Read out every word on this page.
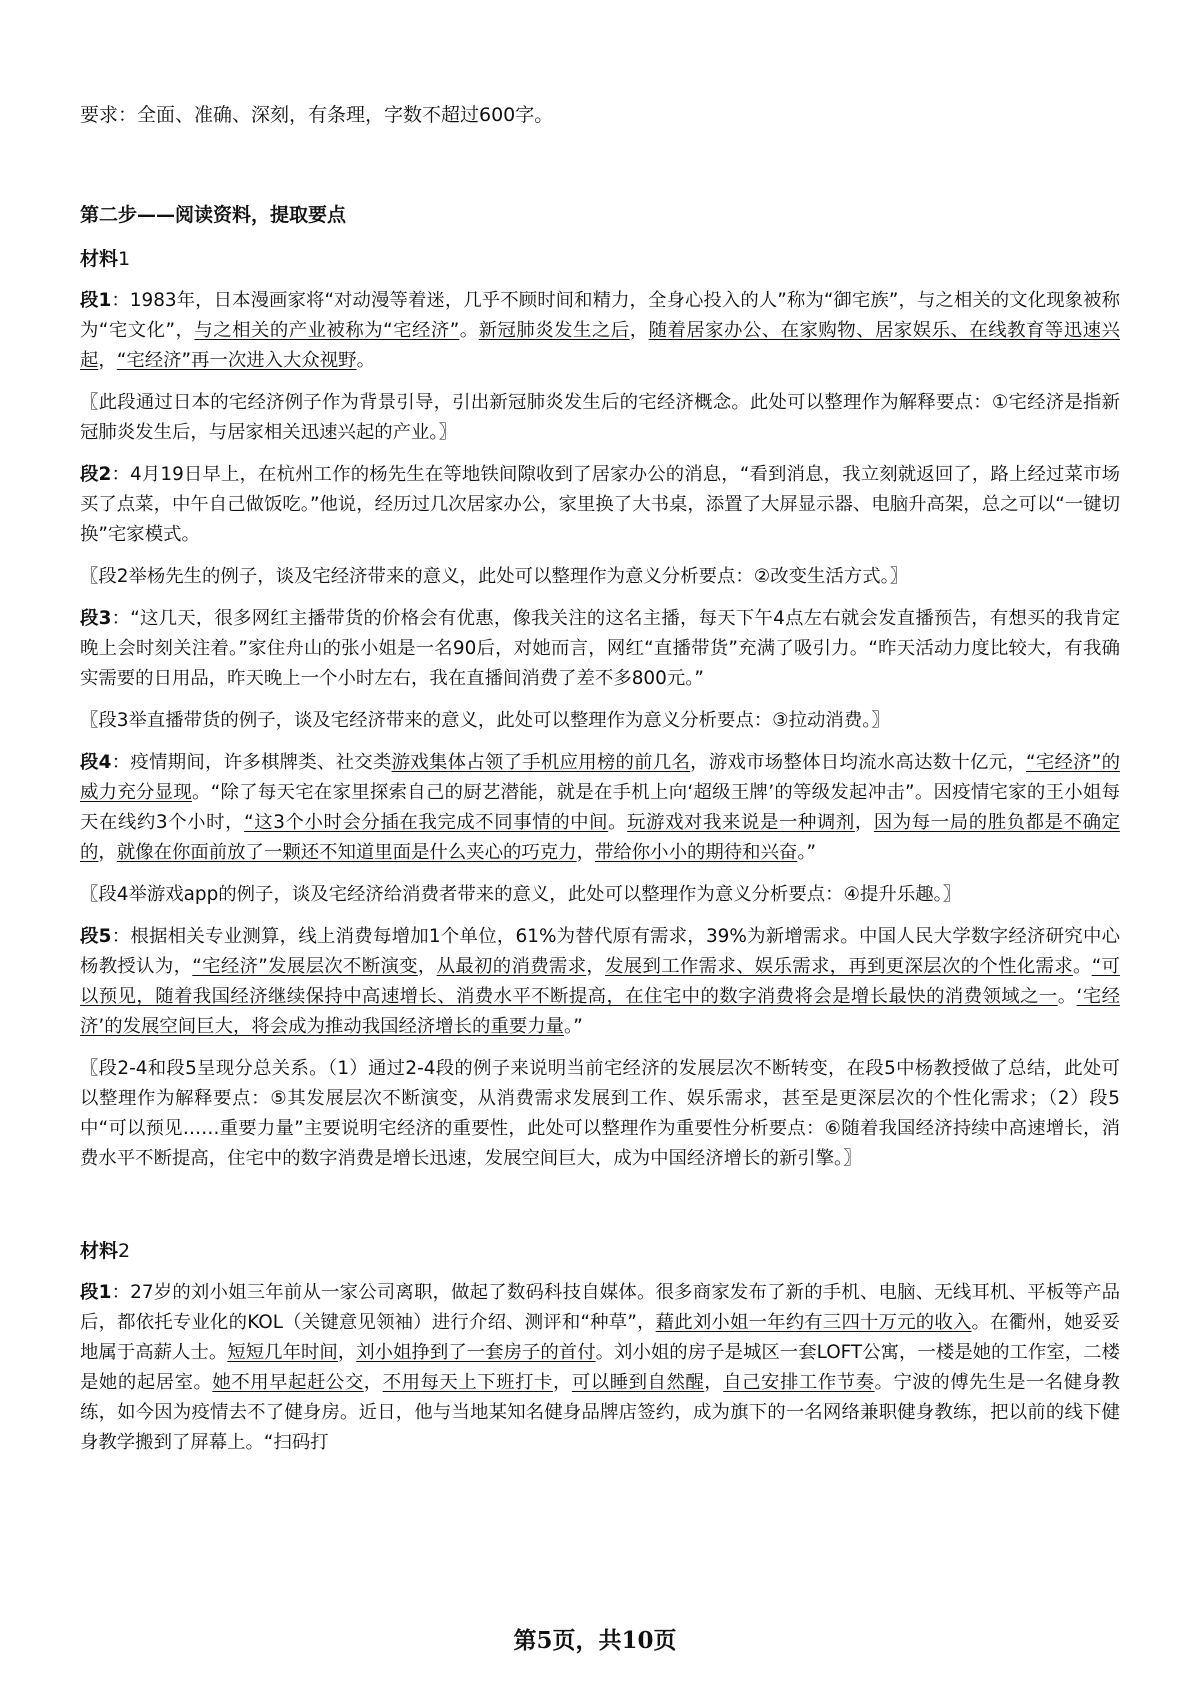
要求：全面、准确、深刻，有条理，字数不超过600字。

第二步——阅读资料，提取要点

材料1

段1：1983年，日本漫画家将“对动漫等着迷，几乎不顾时间和精力，全身心投入的人”称为“御宅族”，与之相关的文化现象被称为“宅文化”，与之相关的产业被称为“宅经济”。新冠肺炎发生之后，随着居家办公、在家购物、居家娱乐、在线教育等迅速兴起，“宅经济”再一次进入大众视野。

〖此段通过日本的宅经济例子作为背景引导，引出新冠肺炎发生后的宅经济概念。此处可以整理作为解释要点：①宅经济是指新冠肺炎发生后，与居家相关迅速兴起的产业。〗

段2：4月19日早上，在杭州工作的杨先生在等地铁间隙收到了居家办公的消息，“看到消息，我立刻就返回了，路上经过菜市场买了点菜，中午自己做饭吃。”他说，经历过几次居家办公，家里换了大书桌，添置了大屏显示器、电脑升高架，总之可以“一键切换”宅家模式。

〖段2举杨先生的例子，谈及宅经济带来的意义，此处可以整理作为意义分析要点：②改变生活方式。〗

段3：“这几天，很多网红主播带货的价格会有优惠，像我关注的这名主播，每天下午4点左右就会发直播预告，有想买的我肯定晚上会时刻关注着。”家住舟山的张小姐是一名90后，对她而言，网红“直播带货”充满了吸引力。“昨天活动力度比较大，有我确实需要的日用品，昨天晚上一个小时左右，我在直播间消费了差不多800元。”

〖段3举直播带货的例子，谈及宅经济带来的意义，此处可以整理作为意义分析要点：③拉动消费。〗

段4：疫情期间，许多棋牌类、社交类游戏集体占领了手机应用榜的前几名，游戏市场整体日均流水高达数十亿元，“宅经济”的威力充分显现。“除了每天宅在家里探索自己的厨艺潜能，就是在手机上向‘超级王牌’的等级发起冲击”。因疫情宅家的王小姐每天在线约3个小时，“这3个小时会分插在我完成不同事情的中间。玩游戏对我来说是一种调剂，因为每一局的胜负都是不确定的，就像在你面前放了一颗还不知道里面是什么夹心的巧克力，带给你小小的期待和兴奋。”

〖段4举游戏app的例子，谈及宅经济给消费者带来的意义，此处可以整理作为意义分析要点：④提升乐趣。〗

段5：根据相关专业测算，线上消费每增加1个单位，61%为替代原有需求，39%为新增需求。中国人民大学数字经济研究中心杨教授认为，“宅经济”发展层次不断演变，从最初的消费需求，发展到工作需求、娱乐需求，再到更深层次的个性化需求。“可以预见，随着我国经济继续保持中高速增长、消费水平不断提高，在住宅中的数字消费将会是增长最快的消费领域之一。‘宅经济’的发展空间巨大，将会成为推动我国经济增长的重要力量。”

〖段2-4和段5呈现分总关系。（1）通过2-4段的例子来说明当前宅经济的发展层次不断转变，在段5中杨教授做了总结，此处可以整理作为解释要点：⑤其发展层次不断演变，从消费需求发展到工作、娱乐需求，甚至是更深层次的个性化需求；（2）段5中“可以预见……重要力量”主要说明宅经济的重要性，此处可以整理作为重要性分析要点：⑥随着我国经济持续中高速增长，消费水平不断提高，住宅中的数字消费是增长迅速，发展空间巨大，成为中国经济增长的新引擎。〗

材料2

段1：27岁的刘小姐三年前从一家公司离职，做起了数码科技自媒体。很多商家发布了新的手机、电脑、无线耳机、平板等产品后，都依托专业化的KOL（关键意见领袖）进行介绍、测评和“种草”，藉此刘小姐一年约有三四十万元的收入。在衢州，她妥妥地属于高薪人士。短短几年时间，刘小姐挣到了一套房子的首付。刘小姐的房子是城区一套LOFT公寓，一楼是她的工作室，二楼是她的起居室。她不用早起赶公交，不用每天上下班打卡，可以睡到自然醒，自己安排工作节奏。宁波的傅先生是一名健身教练，如今因为疫情去不了健身房。近日，他与当地某知名健身品牌店签约，成为旗下的一名网络兼职健身教练，把以前的线下健身教学搬到了屏幕上。“扫码打

第5页，共10页
